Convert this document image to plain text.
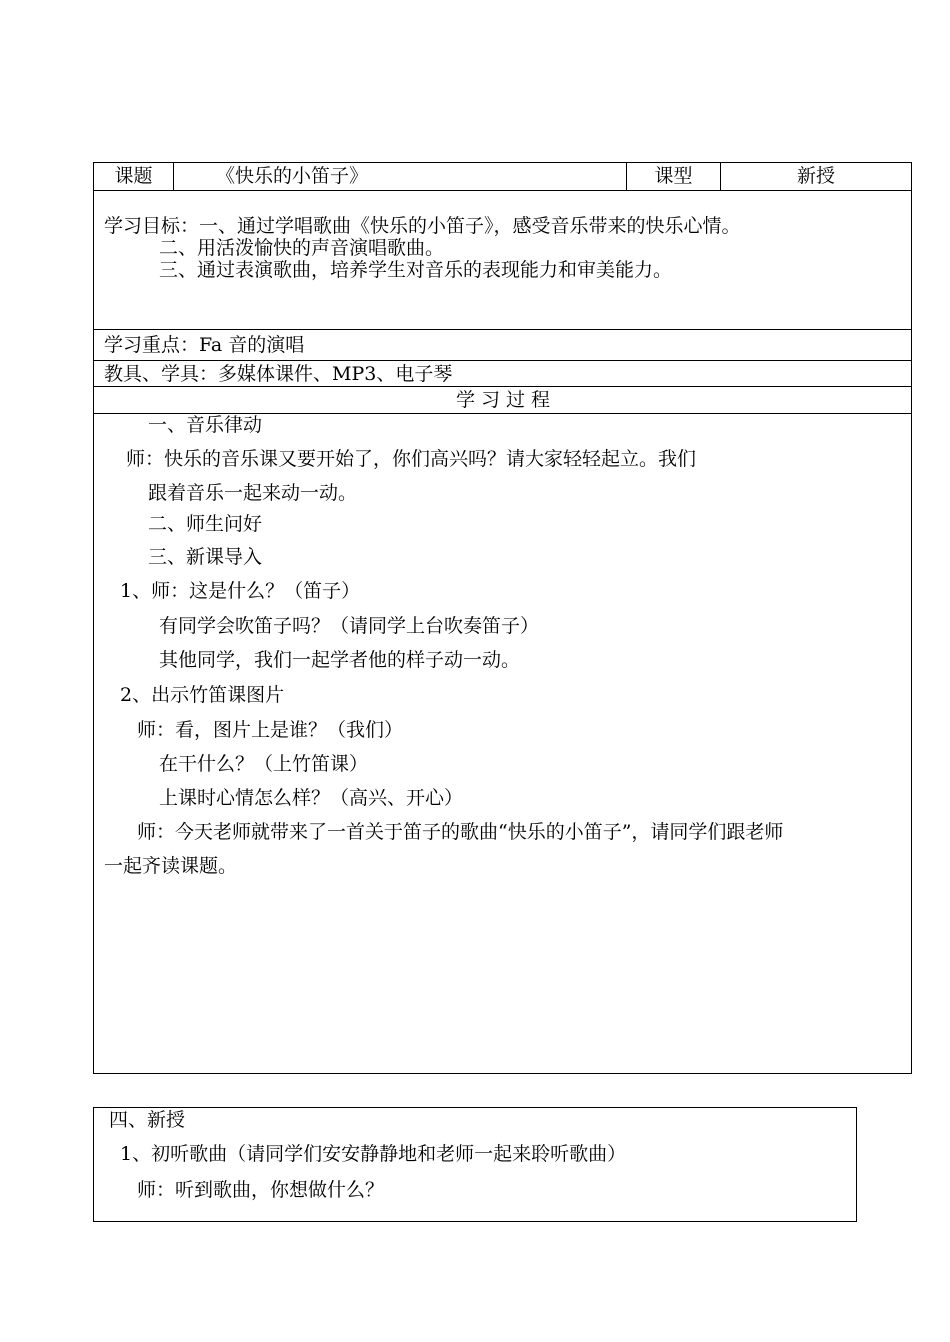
课题	《快乐的小笛子》	课型	新授
学习目标：一、通过学唱歌曲《快乐的小笛子》，感受音乐带来的快乐心情。
二、用活泼愉快的声音演唱歌曲。
三、通过表演歌曲，培养学生对音乐的表现能力和审美能力。
学习重点：Fa 音的演唱
教具、学具：多媒体课件、MP3、电子琴
学 习 过 程
一、音乐律动
师：快乐的音乐课又要开始了，你们高兴吗？请大家轻轻起立。我们
跟着音乐一起来动一动。
二、师生问好
三、新课导入
1、师：这是什么？（笛子）
有同学会吹笛子吗？（请同学上台吹奏笛子）
其他同学，我们一起学者他的样子动一动。
2、出示竹笛课图片
师：看，图片上是谁？（我们）
在干什么？（上竹笛课）
上课时心情怎么样？（高兴、开心）
师：今天老师就带来了一首关于笛子的歌曲“快乐的小笛子”，请同学们跟老师
一起齐读课题。
四、新授
1、初听歌曲（请同学们安安静静地和老师一起来聆听歌曲）
师：听到歌曲，你想做什么？
